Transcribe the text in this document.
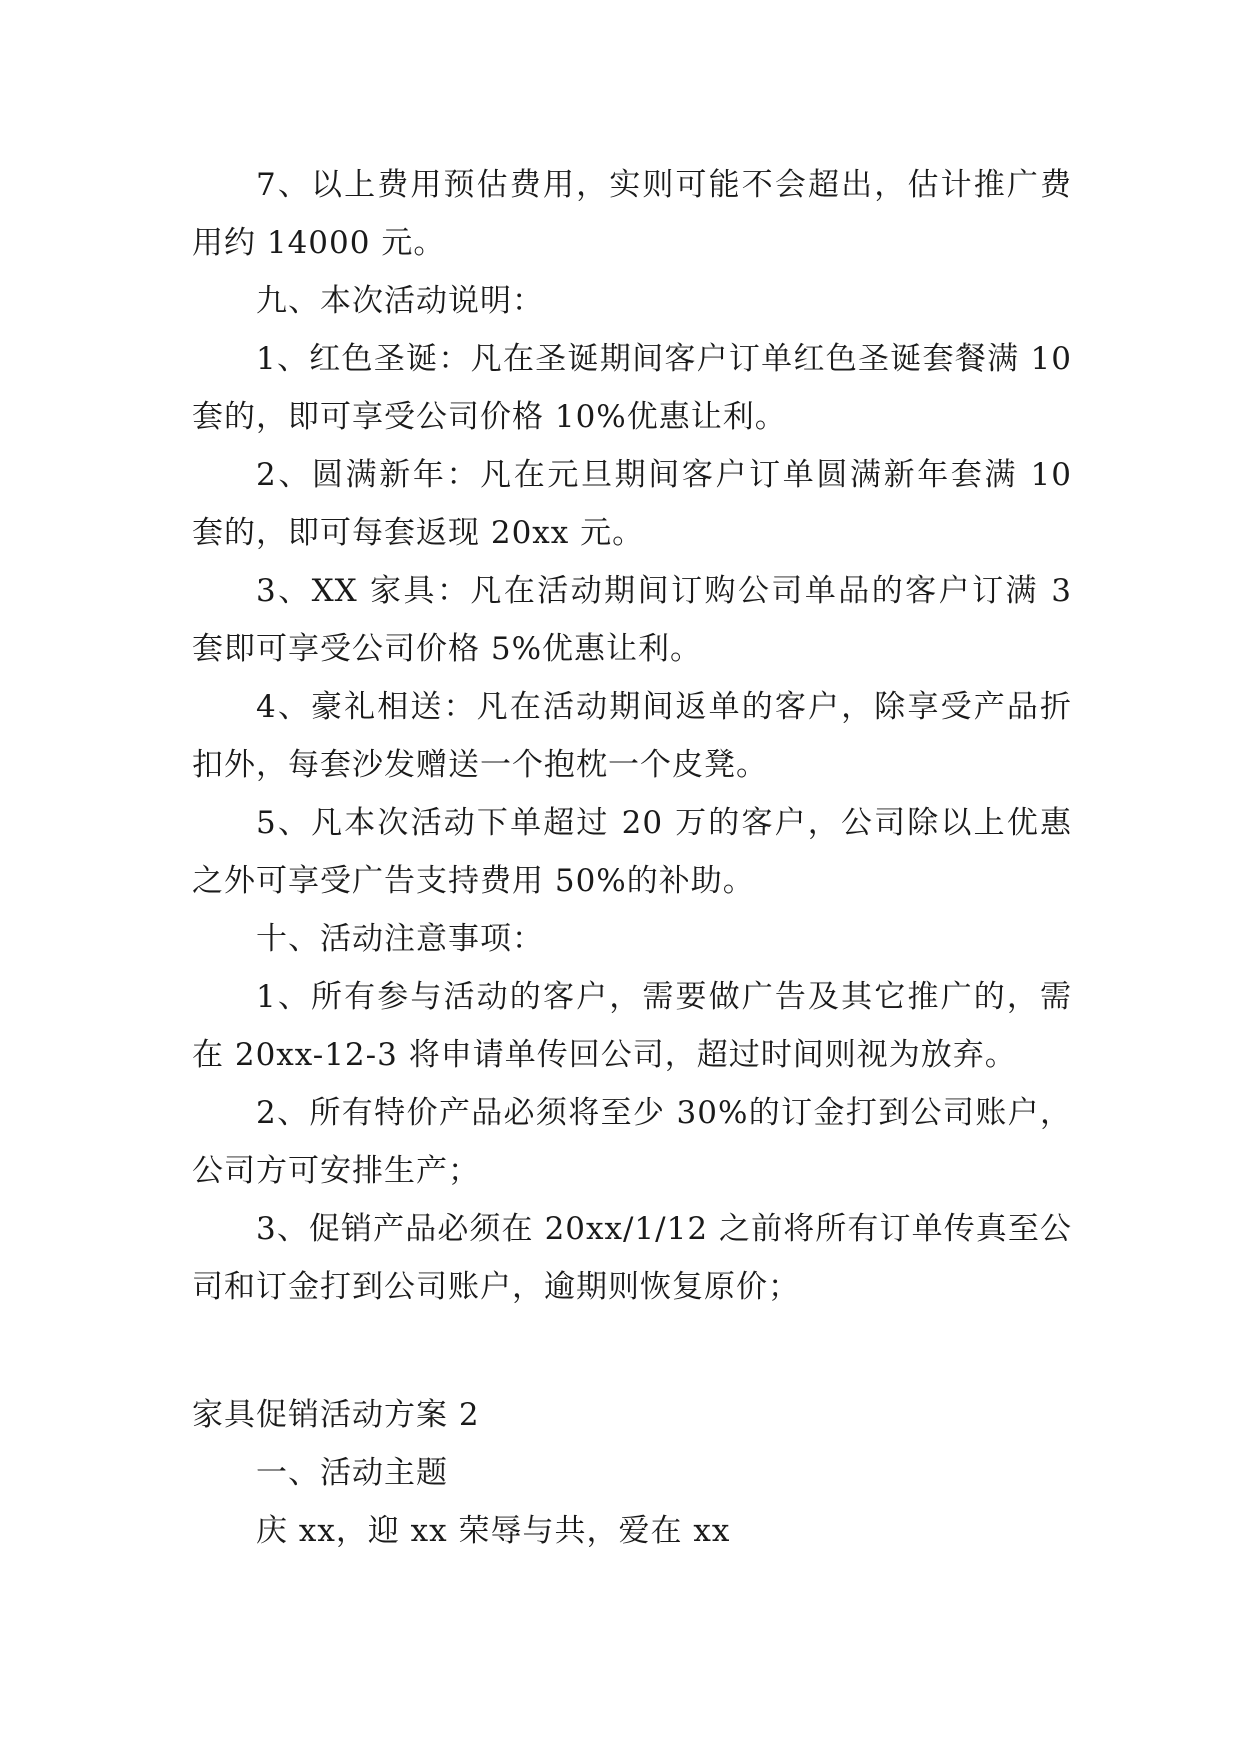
7、以上费用预估费用，实则可能不会超出，估计推广费用约 14000 元。

九、本次活动说明：

1、红色圣诞：凡在圣诞期间客户订单红色圣诞套餐满 10 套的，即可享受公司价格 10%优惠让利。

2、圆满新年：凡在元旦期间客户订单圆满新年套满 10 套的，即可每套返现 20xx 元。

3、XX 家具：凡在活动期间订购公司单品的客户订满 3 套即可享受公司价格 5%优惠让利。

4、豪礼相送：凡在活动期间返单的客户，除享受产品折扣外，每套沙发赠送一个抱枕一个皮凳。

5、凡本次活动下单超过 20 万的客户，公司除以上优惠之外可享受广告支持费用 50%的补助。

十、活动注意事项：

1、所有参与活动的客户，需要做广告及其它推广的，需在 20xx-12-3 将申请单传回公司，超过时间则视为放弃。

2、所有特价产品必须将至少 30%的订金打到公司账户，公司方可安排生产；

3、促销产品必须在 20xx/1/12 之前将所有订单传真至公司和订金打到公司账户，逾期则恢复原价；

家具促销活动方案 2

一、活动主题

庆 xx，迎 xx 荣辱与共，爱在 xx
